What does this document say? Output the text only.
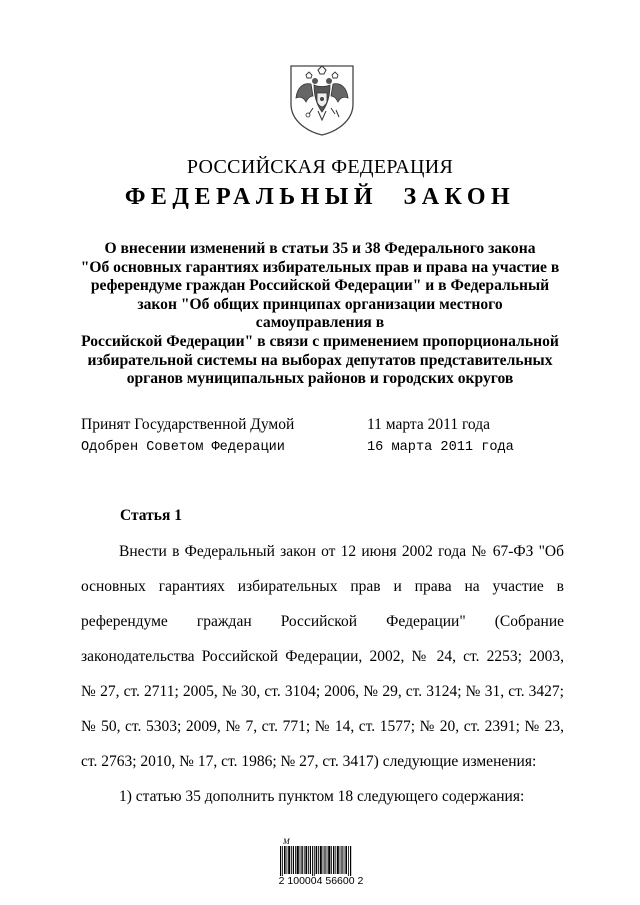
РОССИЙСКАЯ ФЕДЕРАЦИЯ
ФЕДЕРАЛЬНЫЙ ЗАКОН
О внесении изменений в статьи 35 и 38 Федерального закона
"Об основных гарантиях избирательных прав и права на участие в
референдуме граждан Российской Федерации" и в Федеральный
закон "Об общих принципах организации местного самоуправления в
Российской Федерации" в связи с применением пропорциональной
избирательной системы на выборах депутатов представительных
органов муниципальных районов и городских округов
Принят Государственной Думой	11 марта 2011 года
Одобрен Советом Федерации	16 марта 2011 года
Статья 1
Внести в Федеральный закон от 12 июня 2002 года № 67-ФЗ "Об
основных гарантиях избирательных прав и права на участие в
референдуме граждан Российской Федерации" (Собрание
законодательства Российской Федерации, 2002, № 24, ст. 2253; 2003,
№ 27, ст. 2711; 2005, № 30, ст. 3104; 2006, № 29, ст. 3124; № 31, ст. 3427;
№ 50, ст. 5303; 2009, № 7, ст. 771; № 14, ст. 1577; № 20, ст. 2391; № 23,
ст. 2763; 2010, № 17, ст. 1986; № 27, ст. 3417) следующие изменения:
1) статью 35 дополнить пунктом 18 следующего содержания:
M
2 100004 56600 2
